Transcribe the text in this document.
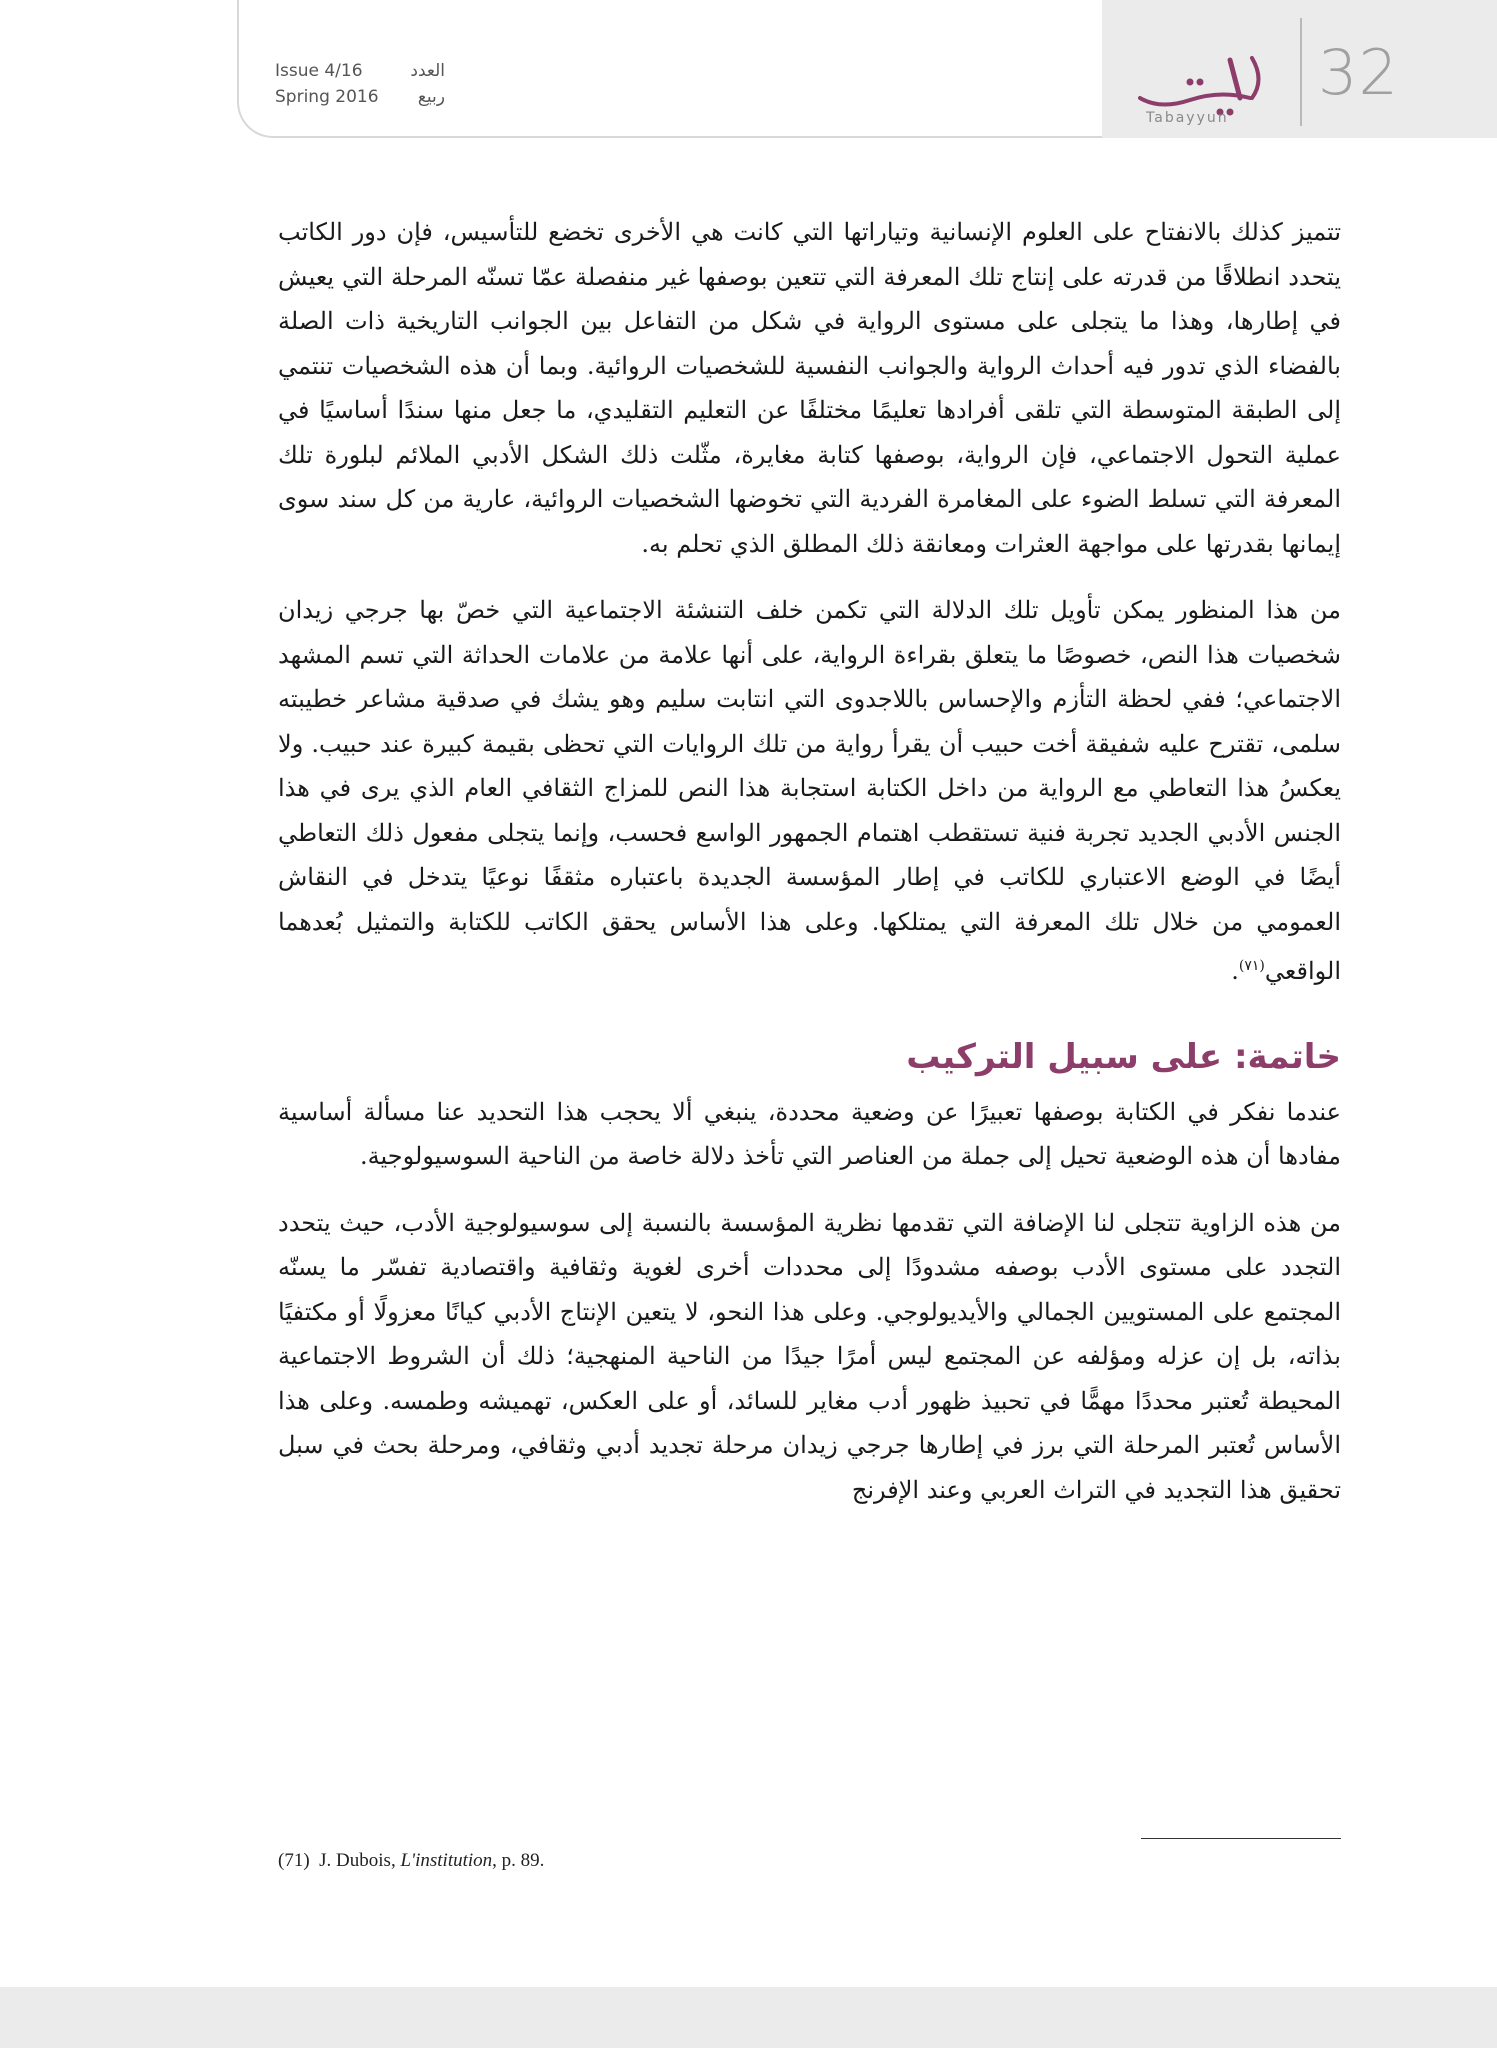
Issue 4/16	العدد
Spring 2016 ربيع
Tabayyun
32

تتميز كذلك بالانفتاح على العلوم الإنسانية وتياراتها التي كانت هي الأخرى تخضع للتأسيس، فإن دور الكاتب يتحدد انطلاقًا من قدرته على إنتاج تلك المعرفة التي تتعين بوصفها غير منفصلة عمّا تسنّه المرحلة التي يعيش في إطارها، وهذا ما يتجلى على مستوى الرواية في شكل من التفاعل بين الجوانب التاريخية ذات الصلة بالفضاء الذي تدور فيه أحداث الرواية والجوانب النفسية للشخصيات الروائية. وبما أن هذه الشخصيات تنتمي إلى الطبقة المتوسطة التي تلقى أفرادها تعليمًا مختلفًا عن التعليم التقليدي، ما جعل منها سندًا أساسيًا في عملية التحول الاجتماعي، فإن الرواية، بوصفها كتابة مغايرة، مثّلت ذلك الشكل الأدبي الملائم لبلورة تلك المعرفة التي تسلط الضوء على المغامرة الفردية التي تخوضها الشخصيات الروائية، عارية من كل سند سوى إيمانها بقدرتها على مواجهة العثرات ومعانقة ذلك المطلق الذي تحلم به.

من هذا المنظور يمكن تأويل تلك الدلالة التي تكمن خلف التنشئة الاجتماعية التي خصّ بها جرجي زيدان شخصيات هذا النص، خصوصًا ما يتعلق بقراءة الرواية، على أنها علامة من علامات الحداثة التي تسم المشهد الاجتماعي؛ ففي لحظة التأزم والإحساس باللاجدوى التي انتابت سليم وهو يشك في صدقية مشاعر خطيبته سلمى، تقترح عليه شفيقة أخت حبيب أن يقرأ رواية من تلك الروايات التي تحظى بقيمة كبيرة عند حبيب. ولا يعكسُ هذا التعاطي مع الرواية من داخل الكتابة استجابة هذا النص للمزاج الثقافي العام الذي يرى في هذا الجنس الأدبي الجديد تجربة فنية تستقطب اهتمام الجمهور الواسع فحسب، وإنما يتجلى مفعول ذلك التعاطي أيضًا في الوضع الاعتباري للكاتب في إطار المؤسسة الجديدة باعتباره مثقفًا نوعيًا يتدخل في النقاش العمومي من خلال تلك المعرفة التي يمتلكها. وعلى هذا الأساس يحقق الكاتب للكتابة والتمثيل بُعدهما الواقعي$^{(٧١)}$.

خاتمة: على سبيل التركيب

عندما نفكر في الكتابة بوصفها تعبيرًا عن وضعية محددة، ينبغي ألا يحجب هذا التحديد عنا مسألة أساسية مفادها أن هذه الوضعية تحيل إلى جملة من العناصر التي تأخذ دلالة خاصة من الناحية السوسيولوجية.

من هذه الزاوية تتجلى لنا الإضافة التي تقدمها نظرية المؤسسة بالنسبة إلى سوسيولوجية الأدب، حيث يتحدد التجدد على مستوى الأدب بوصفه مشدودًا إلى محددات أخرى لغوية وثقافية واقتصادية تفسّر ما يسنّه المجتمع على المستويين الجمالي والأيديولوجي. وعلى هذا النحو، لا يتعين الإنتاج الأدبي كيانًا معزولًا أو مكتفيًا بذاته، بل إن عزله ومؤلفه عن المجتمع ليس أمرًا جيدًا من الناحية المنهجية؛ ذلك أن الشروط الاجتماعية المحيطة تُعتبر محددًا مهمًّا في تحبيذ ظهور أدب مغاير للسائد، أو على العكس، تهميشه وطمسه. وعلى هذا الأساس تُعتبر المرحلة التي برز في إطارها جرجي زيدان مرحلة تجديد أدبي وثقافي، ومرحلة بحث في سبل تحقيق هذا التجديد في التراث العربي وعند الإفرنج

(71) J. Dubois, L'institution, p. 89.
